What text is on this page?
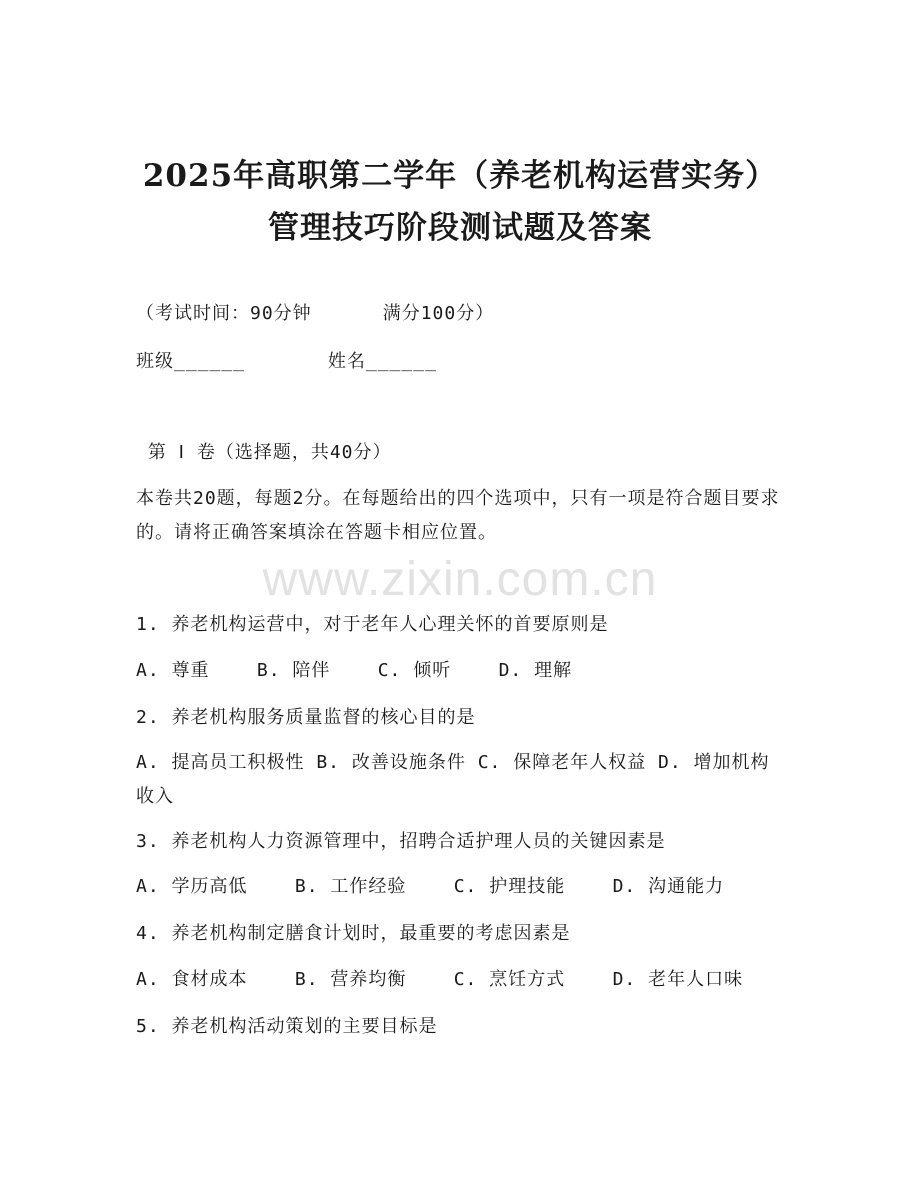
2025年高职第二学年（养老机构运营实务）
管理技巧阶段测试题及答案
（考试时间：90分钟      满分100分）
班级______       姓名______
第 Ⅰ 卷（选择题，共40分）
本卷共20题，每题2分。在每题给出的四个选项中，只有一项是符合题目要求的。请将正确答案填涂在答题卡相应位置。
www.zixin.com.cn
1. 养老机构运营中，对于老年人心理关怀的首要原则是
A. 尊重    B. 陪伴    C. 倾听    D. 理解
2. 养老机构服务质量监督的核心目的是
A. 提高员工积极性 B. 改善设施条件 C. 保障老年人权益 D. 增加机构收入
3. 养老机构人力资源管理中，招聘合适护理人员的关键因素是
A. 学历高低    B. 工作经验    C. 护理技能    D. 沟通能力
4. 养老机构制定膳食计划时，最重要的考虑因素是
A. 食材成本    B. 营养均衡    C. 烹饪方式    D. 老年人口味
5. 养老机构活动策划的主要目标是
